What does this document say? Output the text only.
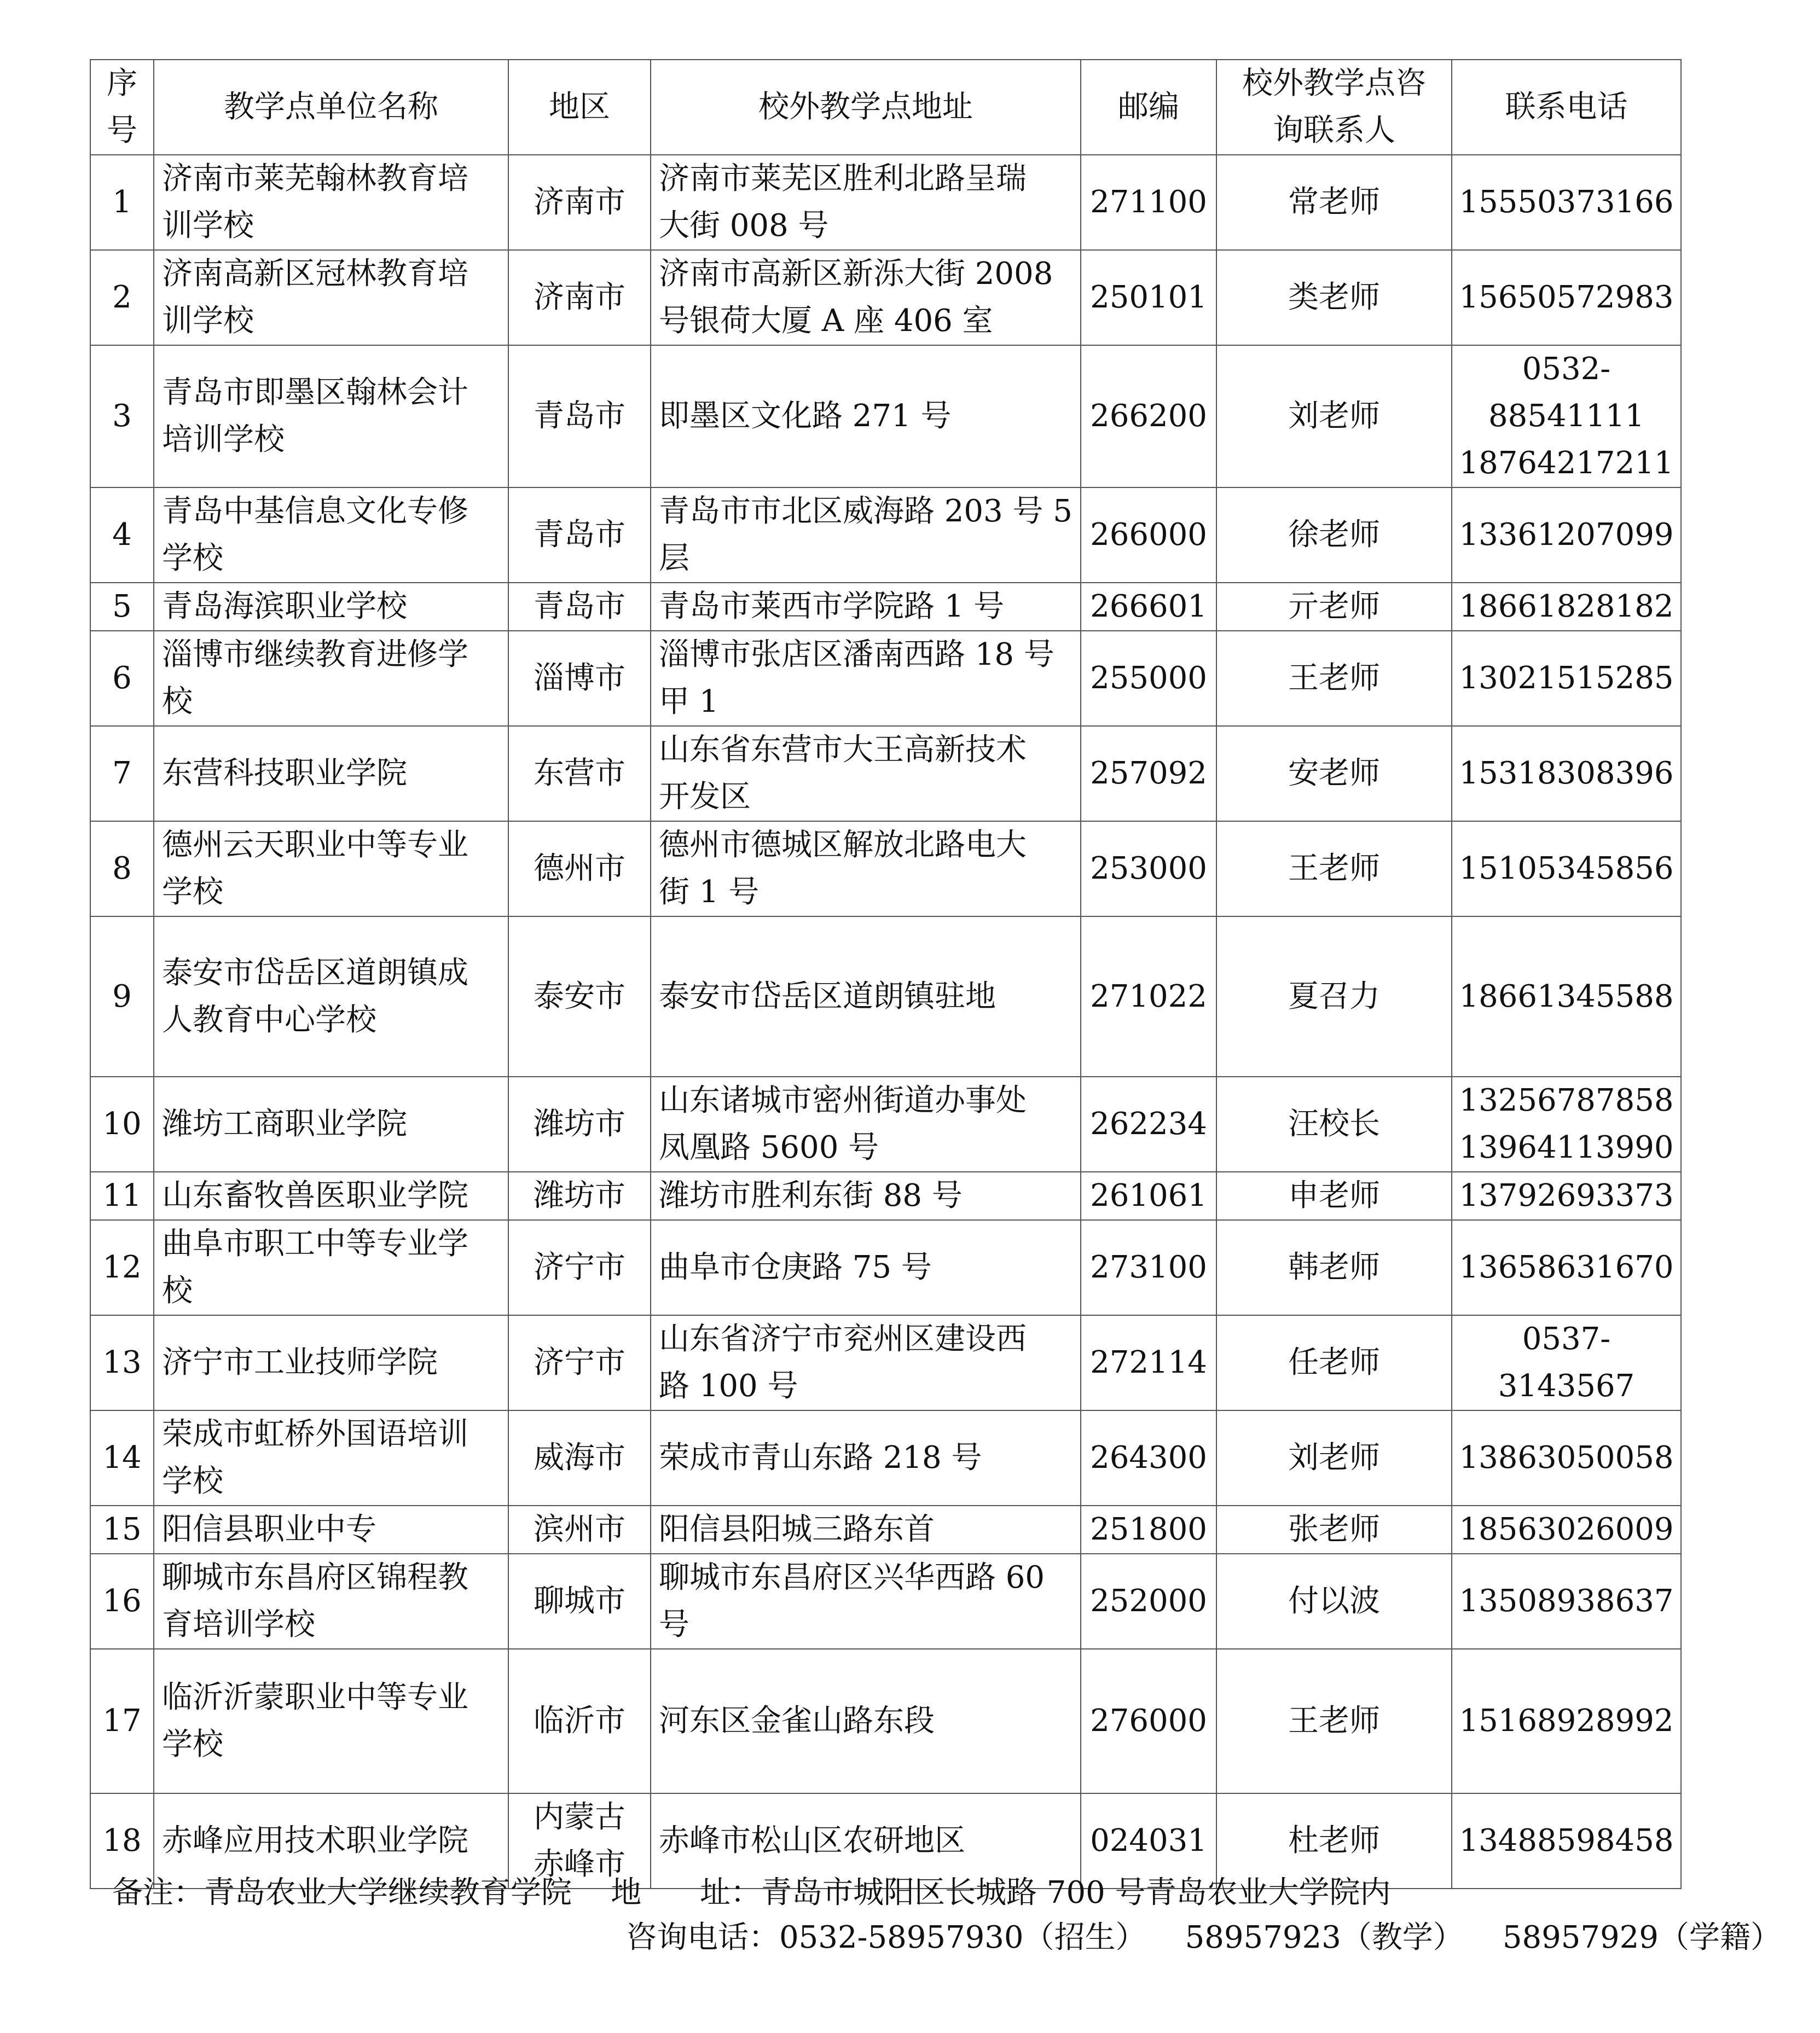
序
号	教学点单位名称	地区	校外教学点地址	邮编	校外教学点咨
询联系人	联系电话
1	济南市莱芜翰林教育培
训学校	济南市	济南市莱芜区胜利北路呈瑞
大街 008 号	271100	常老师	15550373166
2	济南高新区冠林教育培
训学校	济南市	济南市高新区新泺大街 2008
号银荷大厦 A 座 406 室	250101	类老师	15650572983
3	青岛市即墨区翰林会计
培训学校	青岛市	即墨区文化路 271 号	266200	刘老师	0532-88541111
18764217211
4	青岛中基信息文化专修
学校	青岛市	青岛市市北区威海路 203 号 5
层	266000	徐老师	13361207099
5	青岛海滨职业学校	青岛市	青岛市莱西市学院路 1 号	266601	亓老师	18661828182
6	淄博市继续教育进修学
校	淄博市	淄博市张店区潘南西路 18 号
甲 1	255000	王老师	13021515285
7	东营科技职业学院	东营市	山东省东营市大王高新技术
开发区	257092	安老师	15318308396
8	德州云天职业中等专业
学校	德州市	德州市德城区解放北路电大
街 1 号	253000	王老师	15105345856
9	泰安市岱岳区道朗镇成
人教育中心学校	泰安市	泰安市岱岳区道朗镇驻地	271022	夏召力	18661345588
10	潍坊工商职业学院	潍坊市	山东诸城市密州街道办事处
凤凰路 5600 号	262234	汪校长	13256787858
13964113990
11	山东畜牧兽医职业学院	潍坊市	潍坊市胜利东街 88 号	261061	申老师	13792693373
12	曲阜市职工中等专业学
校	济宁市	曲阜市仓庚路 75 号	273100	韩老师	13658631670
13	济宁市工业技师学院	济宁市	山东省济宁市兖州区建设西
路 100 号	272114	任老师	0537-3143567
14	荣成市虹桥外国语培训
学校	威海市	荣成市青山东路 218 号	264300	刘老师	13863050058
15	阳信县职业中专	滨州市	阳信县阳城三路东首	251800	张老师	18563026009
16	聊城市东昌府区锦程教
育培训学校	聊城市	聊城市东昌府区兴华西路 60
号	252000	付以波	13508938637
17	临沂沂蒙职业中等专业
学校	临沂市	河东区金雀山路东段	276000	王老师	15168928992
18	赤峰应用技术职业学院	内蒙古
赤峰市	赤峰市松山区农研地区	024031	杜老师	13488598458
备注：青岛农业大学继续教育学院    地      址：青岛市城阳区长城路 700 号青岛农业大学院内
咨询电话：0532-58957930（招生）    58957923（教学）    58957929（学籍）
